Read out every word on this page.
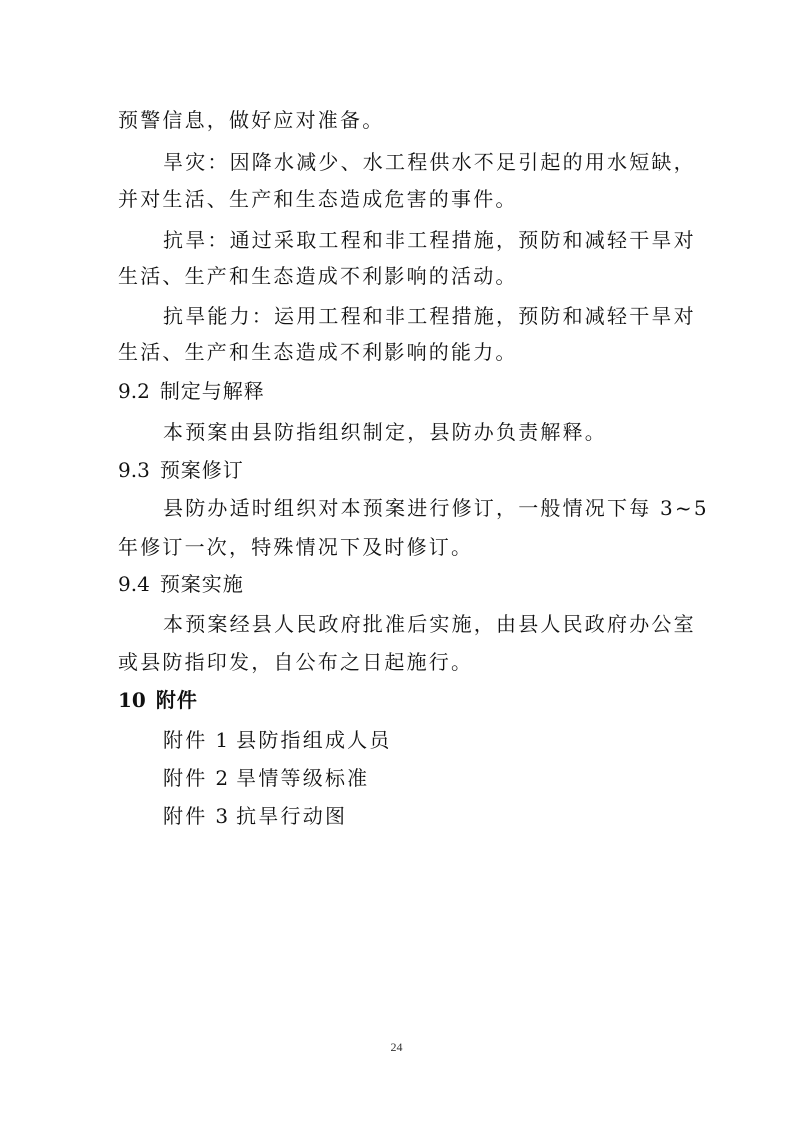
预警信息，做好应对准备。
旱灾：因降水减少、水工程供水不足引起的用水短缺，
并对生活、生产和生态造成危害的事件。
抗旱：通过采取工程和非工程措施，预防和减轻干旱对
生活、生产和生态造成不利影响的活动。
抗旱能力：运用工程和非工程措施，预防和减轻干旱对
生活、生产和生态造成不利影响的能力。
9.2 制定与解释
本预案由县防指组织制定，县防办负责解释。
9.3 预案修订
县防办适时组织对本预案进行修订，一般情况下每 3~5
年修订一次，特殊情况下及时修订。
9.4 预案实施
本预案经县人民政府批准后实施，由县人民政府办公室
或县防指印发，自公布之日起施行。
10 附件
附件 1 县防指组成人员
附件 2 旱情等级标准
附件 3 抗旱行动图
24
